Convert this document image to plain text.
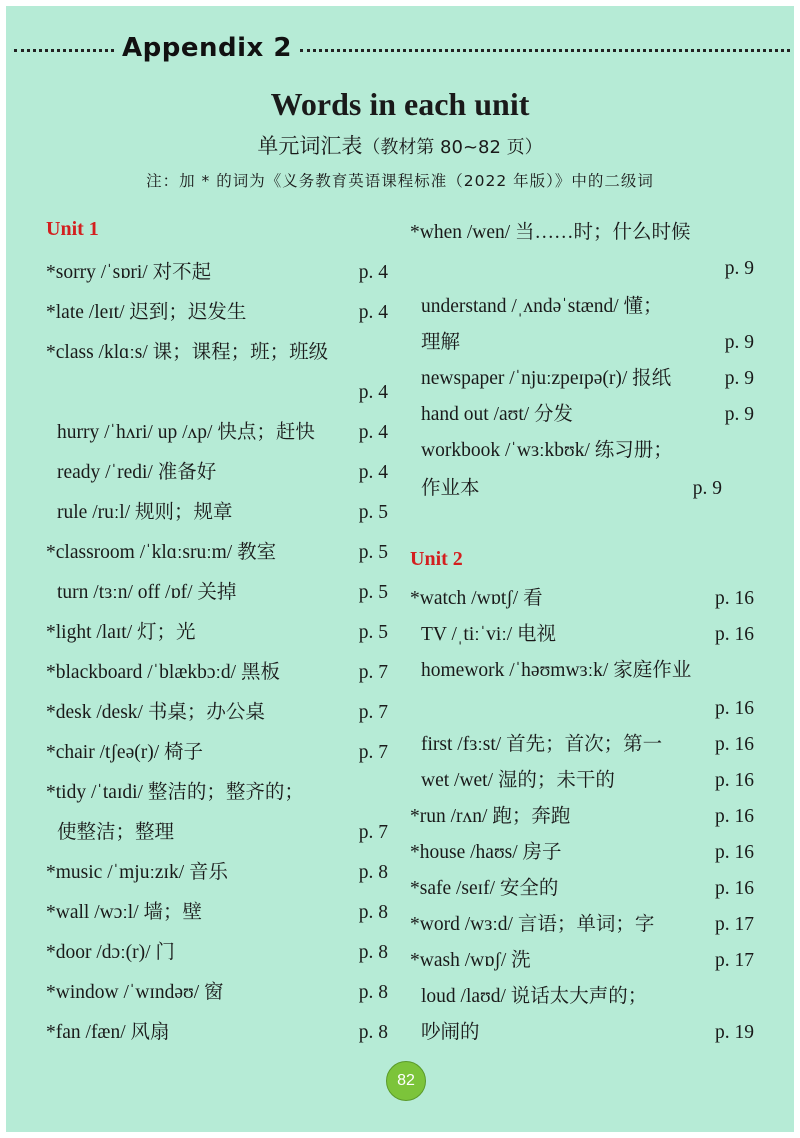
Appendix 2
Words in each unit
单元词汇表（教材第 80~82 页）
注：加 * 的词为《义务教育英语课程标准（2022 年版）》中的二级词
Unit 1
*sorry /ˈsɒri/ 对不起	p. 4
*late /leɪt/ 迟到；迟发生	p. 4
*class /klɑːs/ 课；课程；班；班级
p. 4
hurry /ˈhʌri/ up /ʌp/ 快点；赶快 p. 4
ready /ˈredi/ 准备好	p. 4
rule /ruːl/ 规则；规章	p. 5
*classroom /ˈklɑːsruːm/ 教室	p. 5
turn /tɜːn/ off /ɒf/ 关掉	p. 5
*light /laɪt/ 灯；光	p. 5
*blackboard /ˈblækbɔːd/ 黑板	p. 7
*desk /desk/ 书桌；办公桌	p. 7
*chair /tʃeə(r)/ 椅子	p. 7
*tidy /ˈtaɪdi/ 整洁的；整齐的；
使整洁；整理	p. 7
*music /ˈmjuːzɪk/ 音乐	p. 8
*wall /wɔːl/ 墙；壁	p. 8
*door /dɔː(r)/ 门	p. 8
*window /ˈwɪndəʊ/ 窗	p. 8
*fan /fæn/ 风扇	p. 8
*when /wen/ 当……时；什么时候
p. 9
understand /ˌʌndəˈstænd/ 懂；
理解	p. 9
newspaper /ˈnjuːzpeɪpə(r)/ 报纸	p. 9
hand out /aʊt/ 分发	p. 9
workbook /ˈwɜːkbʊk/ 练习册；
作业本	p. 9
Unit 2
*watch /wɒtʃ/ 看	p. 16
TV /ˌtiːˈviː/ 电视	p. 16
homework /ˈhəʊmwɜːk/ 家庭作业
p. 16
first /fɜːst/ 首先；首次；第一	p. 16
wet /wet/ 湿的；未干的	p. 16
*run /rʌn/ 跑；奔跑	p. 16
*house /haʊs/ 房子	p. 16
*safe /seɪf/ 安全的	p. 16
*word /wɜːd/ 言语；单词；字	p. 17
*wash /wɒʃ/ 洗	p. 17
loud /laʊd/ 说话太大声的；
吵闹的	p. 19
82
